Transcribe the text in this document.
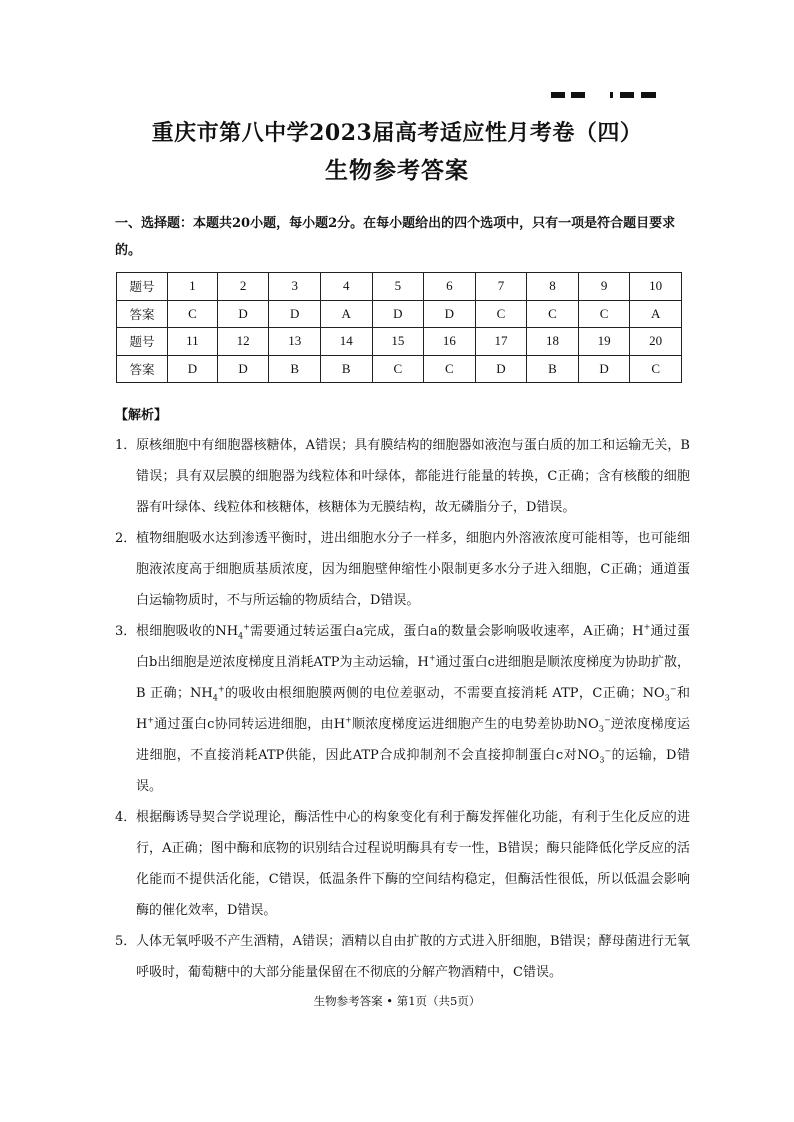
重庆市第八中学2023届高考适应性月考卷（四）
生物参考答案
一、选择题：本题共20小题，每小题2分。在每小题给出的四个选项中，只有一项是符合题目要求的。
题号	1	2	3	4	5	6	7	8	9	10
答案	C	D	D	A	D	D	C	C	C	A
题号	11	12	13	14	15	16	17	18	19	20
答案	D	D	B	B	C	C	D	B	D	C
【解析】
1． 原核细胞中有细胞器核糖体，A错误；具有膜结构的细胞器如液泡与蛋白质的加工和运输无关，B错误；具有双层膜的细胞器为线粒体和叶绿体，都能进行能量的转换，C正确；含有核酸的细胞器有叶绿体、线粒体和核糖体，核糖体为无膜结构，故无磷脂分子，D错误。
2． 植物细胞吸水达到渗透平衡时，进出细胞水分子一样多，细胞内外溶液浓度可能相等，也可能细胞液浓度高于细胞质基质浓度，因为细胞壁伸缩性小限制更多水分子进入细胞，C正确；通道蛋白运输物质时，不与所运输的物质结合，D错误。
3． 根细胞吸收的$NH_4^+$需要通过转运蛋白a完成，蛋白a的数量会影响吸收速率，A正确；H+通过蛋白b出细胞是逆浓度梯度且消耗ATP为主动运输，H+通过蛋白c进细胞是顺浓度梯度为协助扩散，B 正确；$NH_4^+$的吸收由根细胞膜两侧的电位差驱动，不需要直接消耗 ATP，C正确；$NO_3^-$和H+通过蛋白c协同转运进细胞，由H+顺浓度梯度运进细胞产生的电势差协助$NO_3^-$逆浓度梯度运进细胞，不直接消耗ATP供能，因此ATP合成抑制剂不会直接抑制蛋白c对$NO_3^-$的运输，D错误。
4． 根据酶诱导契合学说理论，酶活性中心的构象变化有利于酶发挥催化功能，有利于生化反应的进行，A正确；图中酶和底物的识别结合过程说明酶具有专一性，B错误；酶只能降低化学反应的活化能而不提供活化能，C错误，低温条件下酶的空间结构稳定，但酶活性很低，所以低温会影响酶的催化效率，D错误。
5． 人体无氧呼吸不产生酒精，A错误；酒精以自由扩散的方式进入肝细胞，B错误；酵母菌进行无氧呼吸时，葡萄糖中的大部分能量保留在不彻底的分解产物酒精中，C错误。
生物参考答案 • 第1页（共5页）
